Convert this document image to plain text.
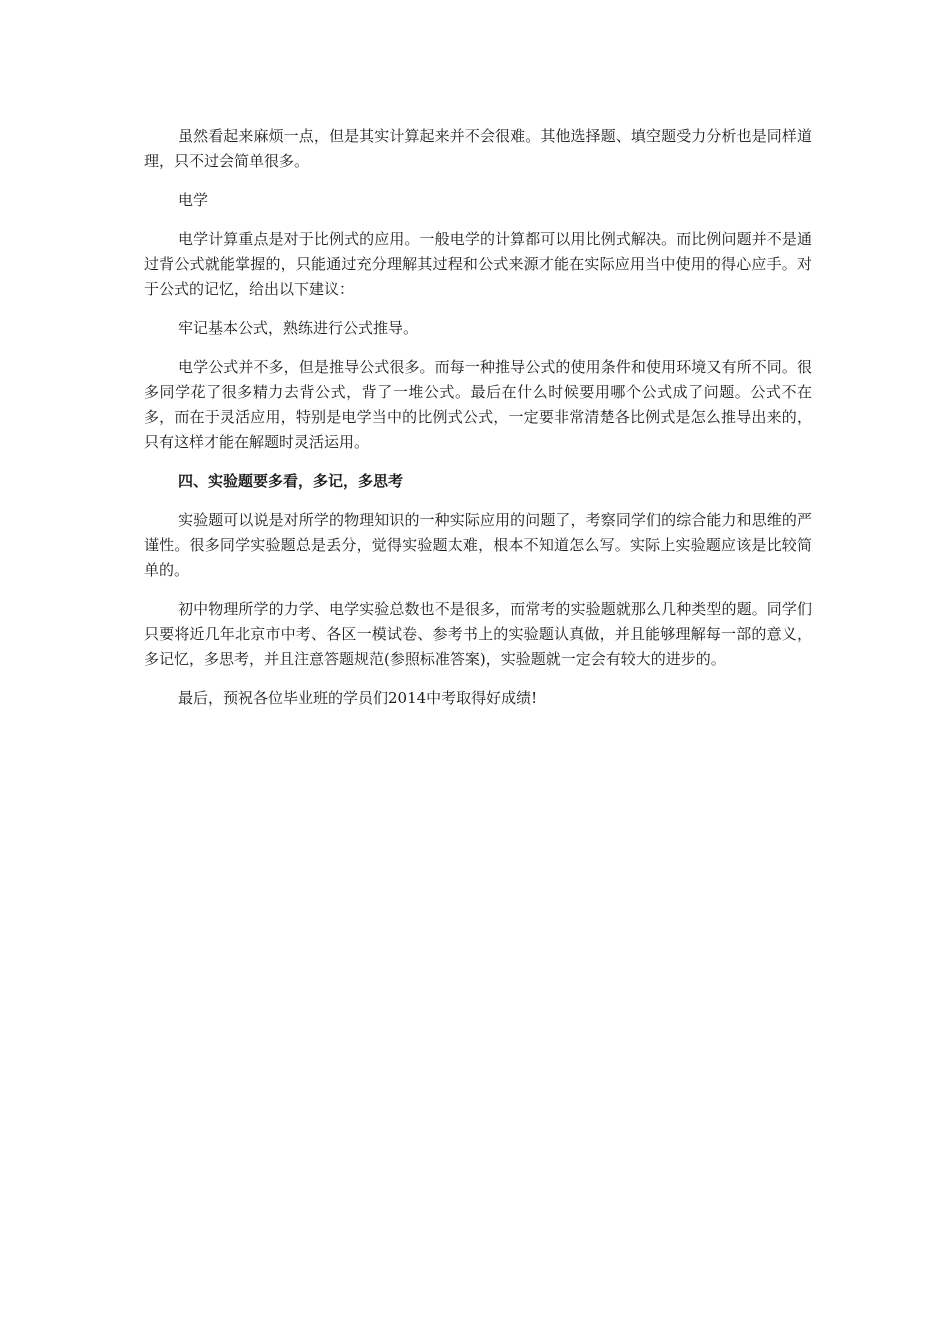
虽然看起来麻烦一点，但是其实计算起来并不会很难。其他选择题、填空题受力分析也是同样道理，只不过会简单很多。

电学

电学计算重点是对于比例式的应用。一般电学的计算都可以用比例式解决。而比例问题并不是通过背公式就能掌握的，只能通过充分理解其过程和公式来源才能在实际应用当中使用的得心应手。对于公式的记忆，给出以下建议：

牢记基本公式，熟练进行公式推导。

电学公式并不多，但是推导公式很多。而每一种推导公式的使用条件和使用环境又有所不同。很多同学花了很多精力去背公式，背了一堆公式。最后在什么时候要用哪个公式成了问题。公式不在多，而在于灵活应用，特别是电学当中的比例式公式，一定要非常清楚各比例式是怎么推导出来的，只有这样才能在解题时灵活运用。

四、实验题要多看，多记，多思考

实验题可以说是对所学的物理知识的一种实际应用的问题了，考察同学们的综合能力和思维的严谨性。很多同学实验题总是丢分，觉得实验题太难，根本不知道怎么写。实际上实验题应该是比较简单的。

初中物理所学的力学、电学实验总数也不是很多，而常考的实验题就那么几种类型的题。同学们只要将近几年北京市中考、各区一模试卷、参考书上的实验题认真做，并且能够理解每一部的意义，多记忆，多思考，并且注意答题规范(参照标准答案)，实验题就一定会有较大的进步的。

最后，预祝各位毕业班的学员们2014中考取得好成绩!
